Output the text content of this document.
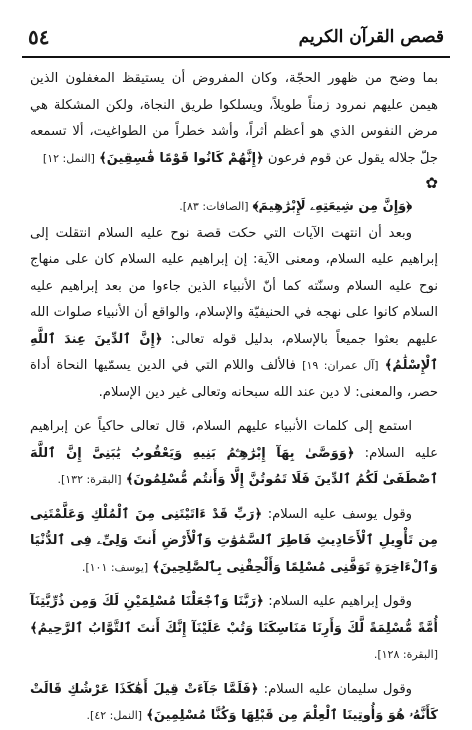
قصص القرآن الكريم
٥٤

بما وضح من ظهور الحجّة، وكان المفروض أن يستيقظ المغفلون الذين هيمن عليهم نمرود زمناً طويلاً، ويسلكوا طريق النجاة، ولكن المشكلة هي مرض النفوس الذي هو أعظم أثراً، وأشد خطراً من الطواغيت، ألا تسمعه جلّ جلاله يقول عن قوم فرعون ﴿إِنَّهُمْ كَانُوا قَوْمًا فَٰسِقِينَ﴾ [النمل: ١٢]

✿

﴿وَإِنَّ مِن شِيعَتِهِۦ لَإِبْرَٰهِيمَ﴾ [الصافات: ٨٣].

وبعد أن انتهت الآيات التي حكت قصة نوح عليه السلام انتقلت إلى إبراهيم عليه السلام، ومعنى الآية: إن إبراهيم عليه السلام كان على منهاج نوح عليه السلام وسنّته كما أنّ الأنبياء الذين جاءوا من بعد إبراهيم عليه السلام كانوا على نهجه في الحنيفيّة والإسلام، والواقع أن الأنبياء صلوات الله عليهم بعثوا جميعاً بالإسلام، بدليل قوله تعالى: ﴿إِنَّ ٱلدِّينَ عِندَ ٱللَّهِ ٱلْإِسْلَٰمُ﴾ [آل عمران: ١٩] فالألف واللام التي في الدين يسمّيها النحاة أداة حصر، والمعنى: لا دين عند الله سبحانه وتعالى غير دين الإسلام.

استمع إلى كلمات الأنبياء عليهم السلام، قال تعالى حاكياً عن إبراهيم عليه السلام: ﴿وَوَصَّىٰ بِهَآ إِبْرَٰهِـۧمُ بَنِيهِ وَيَعْقُوبُ يَٰبَنِىَّ إِنَّ ٱللَّهَ ٱصْطَفَىٰ لَكُمُ ٱلدِّينَ فَلَا تَمُوتُنَّ إِلَّا وَأَنتُم مُّسْلِمُونَ﴾ [البقرة: ١٣٢].

وقول يوسف عليه السلام: ﴿رَبِّ قَدْ ءَاتَيْتَنِى مِنَ ٱلْمُلْكِ وَعَلَّمْتَنِى مِن تَأْوِيلِ ٱلْأَحَادِيثِ فَاطِرَ ٱلسَّمَٰوَٰتِ وَٱلْأَرْضِ أَنتَ وَلِىِّۦ فِى ٱلدُّنْيَا وَٱلْءَاخِرَةِ تَوَفَّنِى مُسْلِمًا وَأَلْحِقْنِى بِٱلصَّٰلِحِينَ﴾ [يوسف: ١٠١].

وقول إبراهيم عليه السلام: ﴿رَبَّنَا وَٱجْعَلْنَا مُسْلِمَيْنِ لَكَ وَمِن ذُرِّيَّتِنَآ أُمَّةً مُّسْلِمَةً لَّكَ وَأَرِنَا مَنَاسِكَنَا وَتُبْ عَلَيْنَآ إِنَّكَ أَنتَ ٱلتَّوَّابُ ٱلرَّحِيمُ﴾ [البقرة: ١٢٨].

وقول سليمان عليه السلام: ﴿فَلَمَّا جَآءَتْ قِيلَ أَهَٰكَذَا عَرْشُكِ قَالَتْ كَأَنَّهُۥ هُوَ وَأُوتِينَا ٱلْعِلْمَ مِن قَبْلِهَا وَكُنَّا مُسْلِمِينَ﴾ [النمل: ٤٢].
